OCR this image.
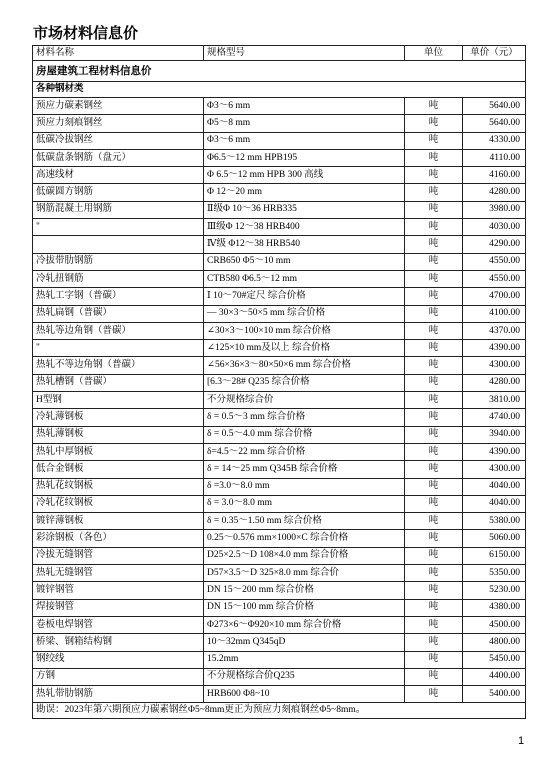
市场材料信息价
材料名称	规格型号	单位	单价（元）
房屋建筑工程材料信息价			
各种钢材类			
预应力碳素钢丝	Φ3～6 mm	吨	5640.00
预应力刻痕钢丝	Φ5～8 mm	吨	5640.00
低碳冷拔钢丝	Φ3～6 mm	吨	4330.00
低碳盘条钢筋（盘元）	Φ6.5～12 mm HPB195	吨	4110.00
高速线材	Φ 6.5～12 mm HPB 300 高线	吨	4160.00
低碳圆方钢筋	Φ 12～20 mm	吨	4280.00
钢筋混凝土用钢筋	Ⅱ级Φ 10～36 HRB335	吨	3980.00
"	Ⅲ级Φ 12～38 HRB400	吨	4030.00
	Ⅳ级 Φ12～38 HRB540	吨	4290.00
冷拔带肋钢筋	CRB650 Φ5～10 mm	吨	4550.00
冷轧扭钢筋	CTB580 Φ6.5～12 mm	吨	4550.00
热轧工字钢（普碳）	Ⅰ 10～70#定尺 综合价格	吨	4700.00
热轧扁钢（普碳）	— 30×3～50×5 mm 综合价格	吨	4100.00
热轧等边角钢（普碳）	∠30×3～100×10 mm 综合价格	吨	4370.00
"	∠125×10 mm及以上 综合价格	吨	4390.00
热轧不等边角钢（普碳）	∠56×36×3～80×50×6 mm 综合价格	吨	4300.00
热轧槽钢（普碳）	[6.3～28# Q235 综合价格	吨	4280.00
H型钢	不分规格综合价	吨	3810.00
冷轧薄钢板	δ = 0.5～3 mm 综合价格	吨	4740.00
热轧薄钢板	δ = 0.5～4.0 mm 综合价格	吨	3940.00
热轧中厚钢板	δ=4.5～22 mm 综合价格	吨	4390.00
低合金钢板	δ = 14～25 mm Q345B 综合价格	吨	4300.00
热轧花纹钢板	δ =3.0～8.0 mm	吨	4040.00
冷轧花纹钢板	δ = 3.0～8.0 mm	吨	4040.00
镀锌薄钢板	δ = 0.35～1.50 mm 综合价格	吨	5380.00
彩涂钢板（各色）	0.25～0.576 mm×1000×C 综合价格	吨	5060.00
冷拔无缝钢管	D25×2.5～D 108×4.0 mm 综合价格	吨	6150.00
热轧无缝钢管	D57×3.5～D 325×8.0 mm 综合价	吨	5350.00
镀锌钢管	DN 15～200 mm 综合价格	吨	5230.00
焊接钢管	DN 15～100 mm 综合价格	吨	4380.00
卷板电焊钢管	Φ273×6～Φ920×10 mm 综合价格	吨	4500.00
桥梁、钢箱结构钢	10～32mm Q345qD	吨	4800.00
钢绞线	15.2mm	吨	5450.00
方钢	不分规格综合价Q235	吨	4400.00
热轧带肋钢筋	HRB600 Φ8~10	吨	5400.00
勘误：2023年第六期预应力碳素钢丝Φ5~8mm更正为预应力刻痕钢丝Φ5~8mm。			
1
